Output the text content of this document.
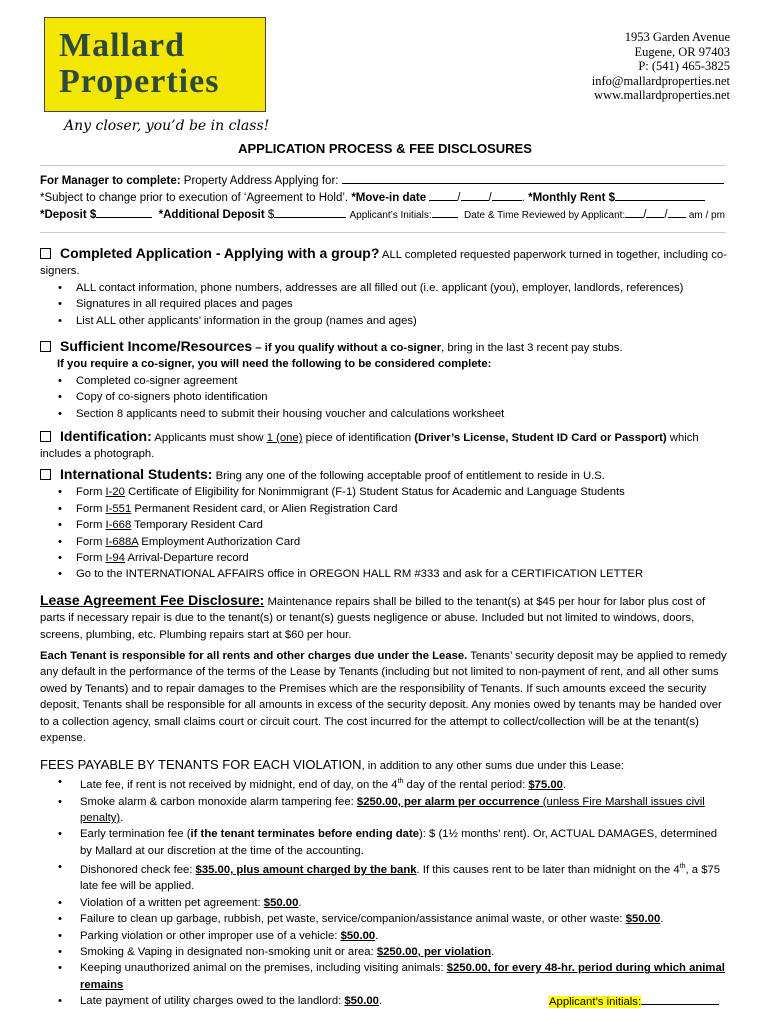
Mallard
Properties
Any closer, you’d be in class!
1953 Garden Avenue
Eugene, OR 97403
P: (541) 465-3825
info@mallardproperties.net
www.mallardproperties.net
APPLICATION PROCESS & FEE DISCLOSURES
For Manager to complete: Property Address Applying for:
*Subject to change prior to execution of ‘Agreement to Hold’. *Move-in date	/ /	. *Monthly Rent $
*Deposit $	*Additional Deposit $	Applicant’s Initials:	Date & Time Reviewed by Applicant: / / am / pm
Completed Application - Applying with a group? ALL completed requested paperwork turned in together, including co-signers.
• ALL contact information, phone numbers, addresses are all filled out (i.e. applicant (you), employer, landlords, references)
• Signatures in all required places and pages
• List ALL other applicants’ information in the group (names and ages)
Sufficient Income/Resources – if you qualify without a co-signer, bring in the last 3 recent pay stubs.
If you require a co-signer, you will need the following to be considered complete:
• Completed co-signer agreement
• Copy of co-signers photo identification
• Section 8 applicants need to submit their housing voucher and calculations worksheet
Identification: Applicants must show 1 (one) piece of identification (Driver’s License, Student ID Card or Passport) which includes a photograph.
International Students: Bring any one of the following acceptable proof of entitlement to reside in U.S.
• Form I-20 Certificate of Eligibility for Nonimmigrant (F-1) Student Status for Academic and Language Students
• Form I-551 Permanent Resident card, or Alien Registration Card
• Form I-668 Temporary Resident Card
• Form I-688A Employment Authorization Card
• Form I-94 Arrival-Departure record
• Go to the INTERNATIONAL AFFAIRS office in OREGON HALL RM #333 and ask for a CERTIFICATION LETTER
Lease Agreement Fee Disclosure: Maintenance repairs shall be billed to the tenant(s) at $45 per hour for labor plus cost of parts if necessary repair is due to the tenant(s) or tenant(s) guests negligence or abuse. Included but not limited to windows, doors, screens, plumbing, etc. Plumbing repairs start at $60 per hour.
Each Tenant is responsible for all rents and other charges due under the Lease. Tenants’ security deposit may be applied to remedy any default in the performance of the terms of the Lease by Tenants (including but not limited to non-payment of rent, and all other sums owed by Tenants) and to repair damages to the Premises which are the responsibility of Tenants. If such amounts exceed the security deposit, Tenants shall be responsible for all amounts in excess of the security deposit. Any monies owed by tenants may be handed over to a collection agency, small claims court or circuit court. The cost incurred for the attempt to collect/collection will be at the tenant(s) expense.
FEES PAYABLE BY TENANTS FOR EACH VIOLATION, in addition to any other sums due under this Lease:
• Late fee, if rent is not received by midnight, end of day, on the 4th day of the rental period: $75.00.
• Smoke alarm & carbon monoxide alarm tampering fee: $250.00, per alarm per occurrence (unless Fire Marshall issues civil penalty).
• Early termination fee (if the tenant terminates before ending date): $ (1½ months’ rent). Or, ACTUAL DAMAGES, determined by Mallard at our discretion at the time of the accounting.
• Dishonored check fee: $35.00, plus amount charged by the bank. If this causes rent to be later than midnight on the 4th, a $75 late fee will be applied.
• Violation of a written pet agreement: $50.00.
• Failure to clean up garbage, rubbish, pet waste, service/companion/assistance animal waste, or other waste: $50.00.
• Parking violation or other improper use of a vehicle: $50.00.
• Smoking & Vaping in designated non-smoking unit or area: $250.00, per violation.
• Keeping unauthorized animal on the premises, including visiting animals: $250.00, for every 48-hr. period during which animal remains
• Late payment of utility charges owed to the landlord: $50.00.	Applicant’s initials:
